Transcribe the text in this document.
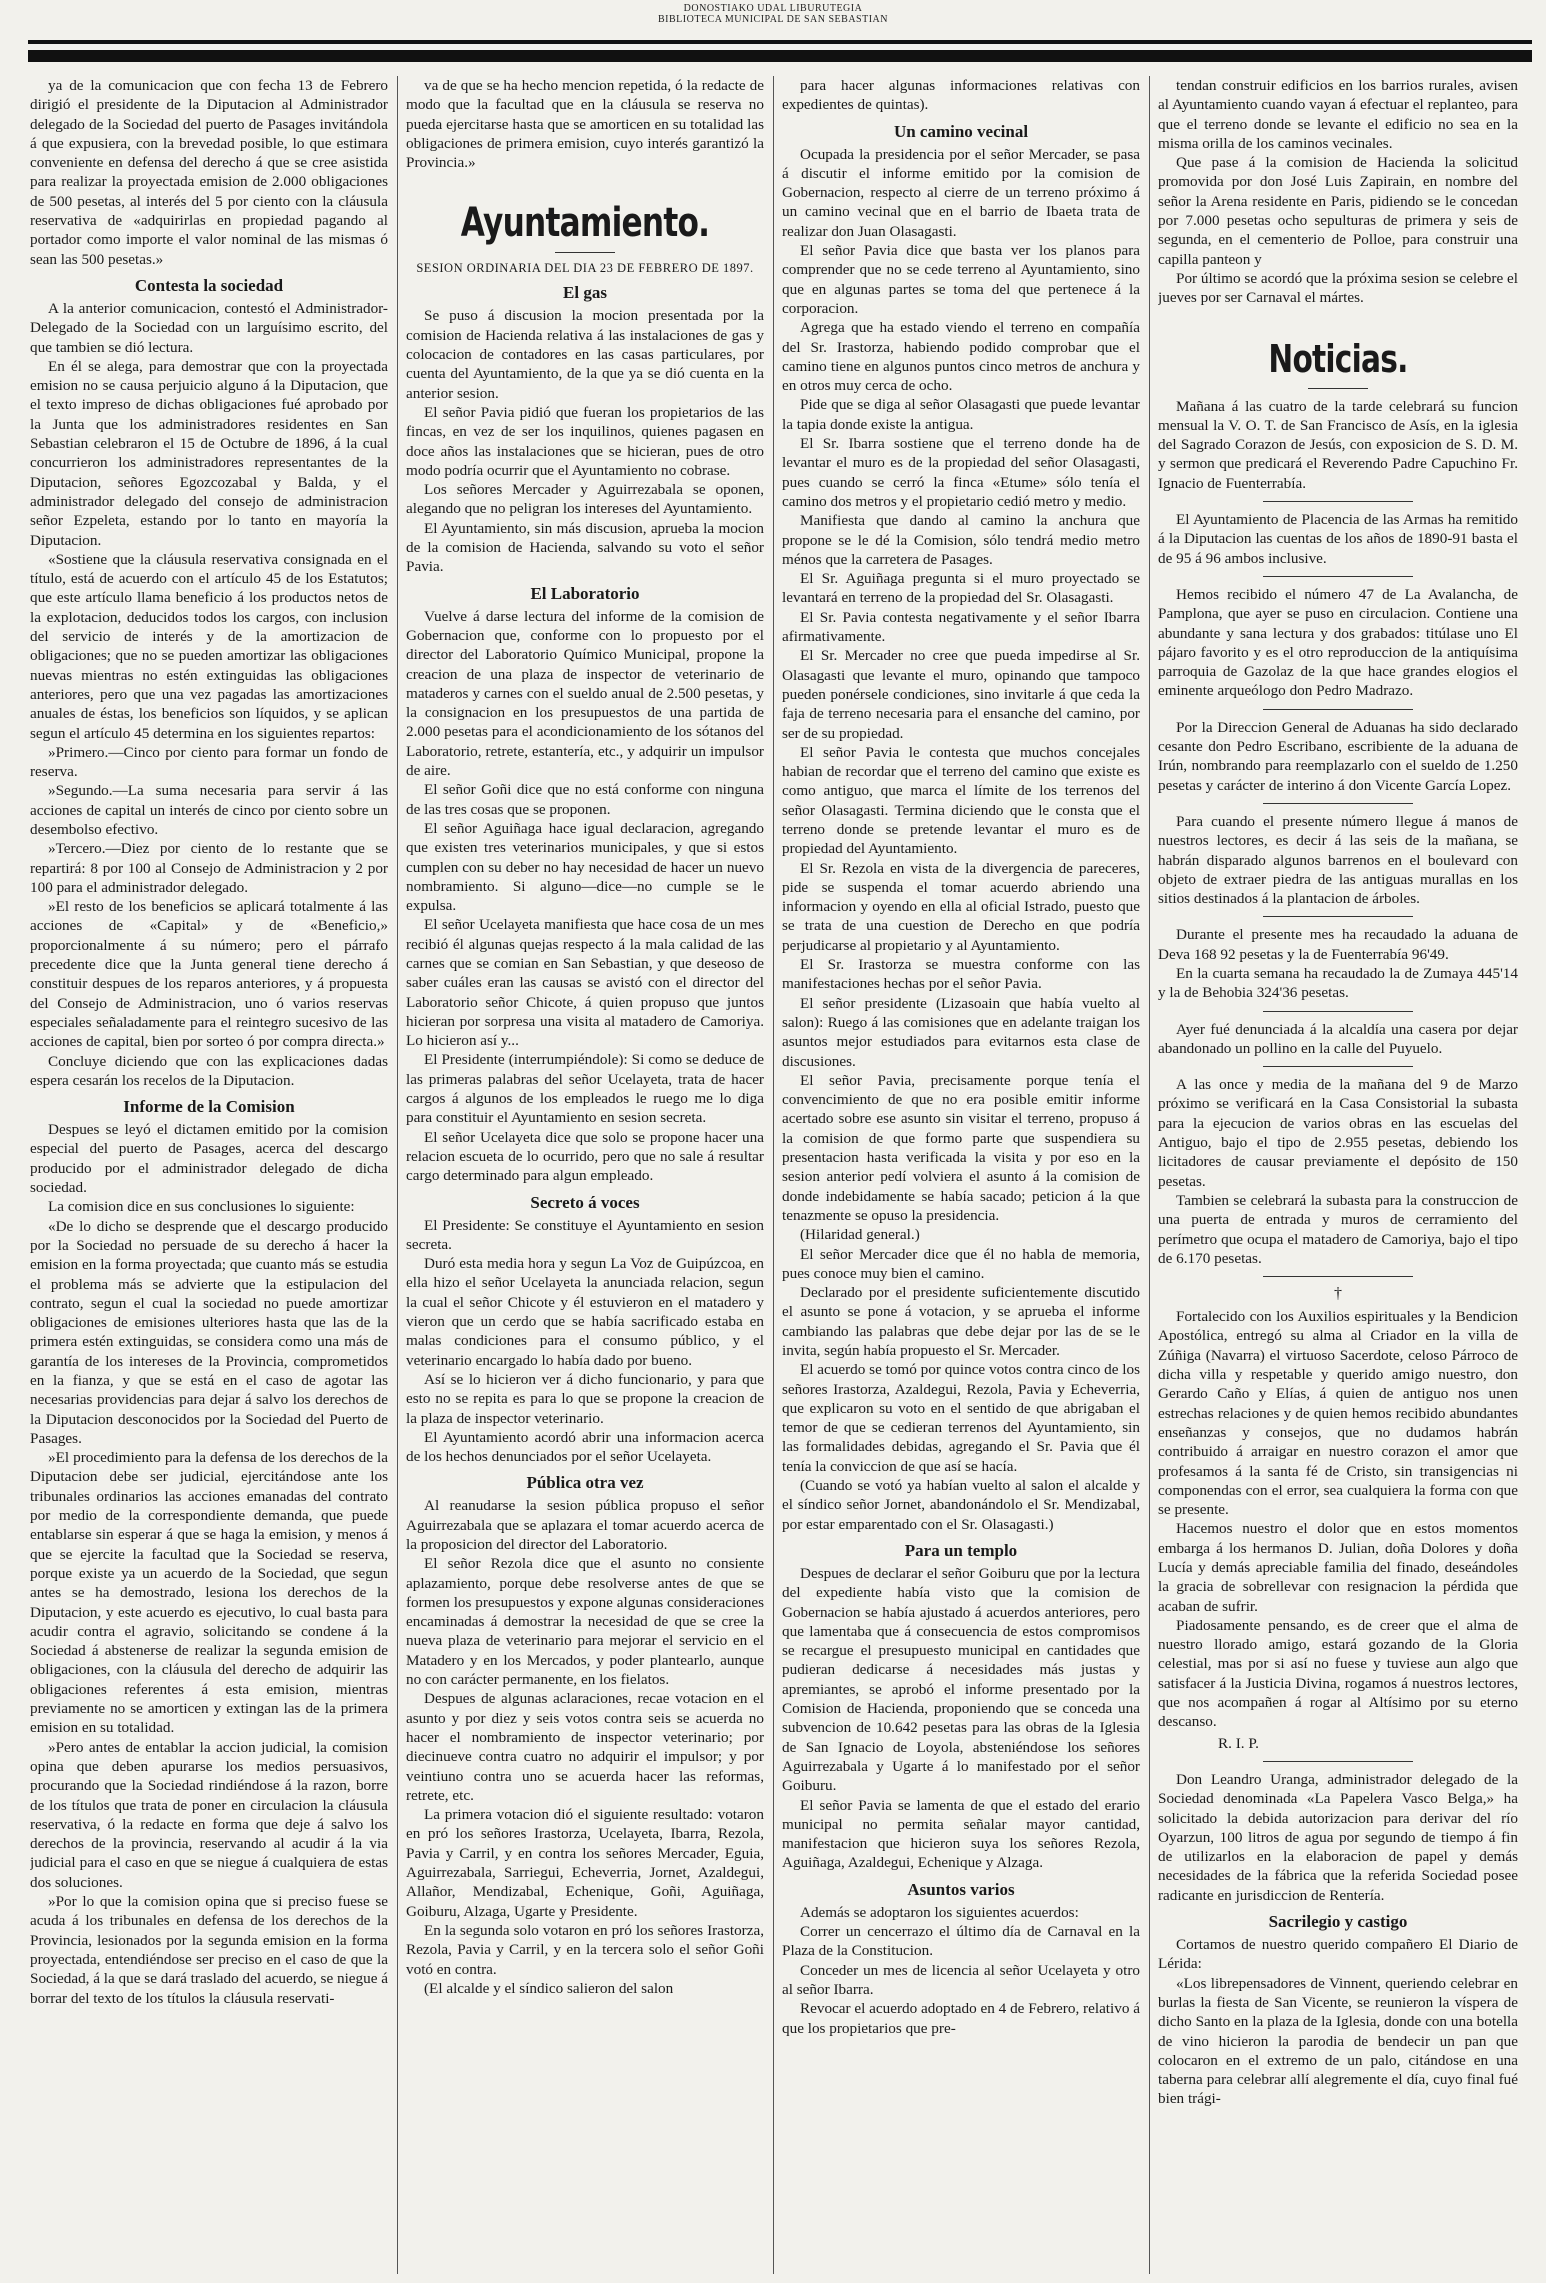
DONOSTIAKO UDAL LIBURUTEGIA
BIBLIOTECA MUNICIPAL DE SAN SEBASTIAN

ya de la comunicacion que con fecha 13 de Febrero dirigió el presidente de la Diputacion al Administrador delegado de la Sociedad del puerto de Pasages invitándola á que expusiera, con la brevedad posible, lo que estimara conveniente en defensa del derecho á que se cree asistida para realizar la proyectada emision de 2.000 obligaciones de 500 pesetas, al interés del 5 por ciento con la cláusula reservativa de «adquirirlas en propiedad pagando al portador como importe el valor nominal de las mismas ó sean las 500 pesetas.»

Contesta la sociedad

A la anterior comunicacion, contestó el Administrador-Delegado de la Sociedad con un larguísimo escrito, del que tambien se dió lectura.

En él se alega, para demostrar que con la proyectada emision no se causa perjuicio alguno á la Diputacion, que el texto impreso de dichas obligaciones fué aprobado por la Junta que los administradores residentes en San Sebastian celebraron el 15 de Octubre de 1896, á la cual concurrieron los administradores representantes de la Diputacion, señores Egozcozabal y Balda, y el administrador delegado del consejo de administracion señor Ezpeleta, estando por lo tanto en mayoría la Diputacion.

«Sostiene que la cláusula reservativa consignada en el título, está de acuerdo con el artículo 45 de los Estatutos; que este artículo llama beneficio á los productos netos de la explotacion, deducidos todos los cargos, con inclusion del servicio de interés y de la amortizacion de obligaciones; que no se pueden amortizar las obligaciones nuevas mientras no estén extinguidas las obligaciones anteriores, pero que una vez pagadas las amortizaciones anuales de éstas, los beneficios son líquidos, y se aplican segun el artículo 45 determina en los siguientes repartos:

»Primero.—Cinco por ciento para formar un fondo de reserva.

»Segundo.—La suma necesaria para servir á las acciones de capital un interés de cinco por ciento sobre un desembolso efectivo.

»Tercero.—Diez por ciento de lo restante que se repartirá: 8 por 100 al Consejo de Administracion y 2 por 100 para el administrador delegado.

»El resto de los beneficios se aplicará totalmente á las acciones de «Capital» y de «Beneficio,» proporcionalmente á su número; pero el párrafo precedente dice que la Junta general tiene derecho á constituir despues de los reparos anteriores, y á propuesta del Consejo de Administracion, uno ó varios reservas especiales señaladamente para el reintegro sucesivo de las acciones de capital, bien por sorteo ó por compra directa.»

Concluye diciendo que con las explicaciones dadas espera cesarán los recelos de la Diputacion.

Informe de la Comision

Despues se leyó el dictamen emitido por la comision especial del puerto de Pasages, acerca del descargo producido por el administrador delegado de dicha sociedad.

La comision dice en sus conclusiones lo siguiente:

«De lo dicho se desprende que el descargo producido por la Sociedad no persuade de su derecho á hacer la emision en la forma proyectada; que cuanto más se estudia el problema más se advierte que la estipulacion del contrato, segun el cual la sociedad no puede amortizar obligaciones de emisiones ulteriores hasta que las de la primera estén extinguidas, se considera como una más de garantía de los intereses de la Provincia, comprometidos en la fianza, y que se está en el caso de agotar las necesarias providencias para dejar á salvo los derechos de la Diputacion desconocidos por la Sociedad del Puerto de Pasages.

»El procedimiento para la defensa de los derechos de la Diputacion debe ser judicial, ejercitándose ante los tribunales ordinarios las acciones emanadas del contrato por medio de la correspondiente demanda, que puede entablarse sin esperar á que se haga la emision, y menos á que se ejercite la facultad que la Sociedad se reserva, porque existe ya un acuerdo de la Sociedad, que segun antes se ha demostrado, lesiona los derechos de la Diputacion, y este acuerdo es ejecutivo, lo cual basta para acudir contra el agravio, solicitando se condene á la Sociedad á abstenerse de realizar la segunda emision de obligaciones, con la cláusula del derecho de adquirir las obligaciones referentes á esta emision, mientras previamente no se amorticen y extingan las de la primera emision en su totalidad.

»Pero antes de entablar la accion judicial, la comision opina que deben apurarse los medios persuasivos, procurando que la Sociedad rindiéndose á la razon, borre de los títulos que trata de poner en circulacion la cláusula reservativa, ó la redacte en forma que deje á salvo los derechos de la provincia, reservando al acudir á la via judicial para el caso en que se niegue á cualquiera de estas dos soluciones.

»Por lo que la comision opina que si preciso fuese se acuda á los tribunales en defensa de los derechos de la Provincia, lesionados por la segunda emision en la forma proyectada, entendiéndose ser preciso en el caso de que la Sociedad, á la que se dará traslado del acuerdo, se niegue á borrar del texto de los títulos la cláusula reservati-

va de que se ha hecho mencion repetida, ó la redacte de modo que la facultad que en la cláusula se reserva no pueda ejercitarse hasta que se amorticen en su totalidad las obligaciones de primera emision, cuyo interés garantizó la Provincia.»

Ayuntamiento.
SESION ORDINARIA DEL DIA 23 DE FEBRERO DE 1897.
El gas

Se puso á discusion la mocion presentada por la comision de Hacienda relativa á las instalaciones de gas y colocacion de contadores en las casas particulares, por cuenta del Ayuntamiento, de la que ya se dió cuenta en la anterior sesion.

El señor Pavia pidió que fueran los propietarios de las fincas, en vez de ser los inquilinos, quienes pagasen en doce años las instalaciones que se hicieran, pues de otro modo podría ocurrir que el Ayuntamiento no cobrase.

Los señores Mercader y Aguirrezabala se oponen, alegando que no peligran los intereses del Ayuntamiento.

El Ayuntamiento, sin más discusion, aprueba la mocion de la comision de Hacienda, salvando su voto el señor Pavia.

El Laboratorio

Vuelve á darse lectura del informe de la comision de Gobernacion que, conforme con lo propuesto por el director del Laboratorio Químico Municipal, propone la creacion de una plaza de inspector de veterinario de mataderos y carnes con el sueldo anual de 2.500 pesetas, y la consignacion en los presupuestos de una partida de 2.000 pesetas para el acondicionamiento de los sótanos del Laboratorio, retrete, estantería, etc., y adquirir un impulsor de aire.

El señor Goñi dice que no está conforme con ninguna de las tres cosas que se proponen.

El señor Aguiñaga hace igual declaracion, agregando que existen tres veterinarios municipales, y que si estos cumplen con su deber no hay necesidad de hacer un nuevo nombramiento. Si alguno—dice—no cumple se le expulsa.

El señor Ucelayeta manifiesta que hace cosa de un mes recibió él algunas quejas respecto á la mala calidad de las carnes que se comian en San Sebastian, y que deseoso de saber cuáles eran las causas se avistó con el director del Laboratorio señor Chicote, á quien propuso que juntos hicieran por sorpresa una visita al matadero de Camoriya. Lo hicieron así y...

El Presidente (interrumpiéndole): Si como se deduce de las primeras palabras del señor Ucelayeta, trata de hacer cargos á algunos de los empleados le ruego me lo diga para constituir el Ayuntamiento en sesion secreta.

El señor Ucelayeta dice que solo se propone hacer una relacion escueta de lo ocurrido, pero que no sale á resultar cargo determinado para algun empleado.

Secreto á voces

El Presidente: Se constituye el Ayuntamiento en sesion secreta.

Duró esta media hora y segun La Voz de Guipúzcoa, en ella hizo el señor Ucelayeta la anunciada relacion, segun la cual el señor Chicote y él estuvieron en el matadero y vieron que un cerdo que se había sacrificado estaba en malas condiciones para el consumo público, y el veterinario encargado lo había dado por bueno.

Así se lo hicieron ver á dicho funcionario, y para que esto no se repita es para lo que se propone la creacion de la plaza de inspector veterinario.

El Ayuntamiento acordó abrir una informacion acerca de los hechos denunciados por el señor Ucelayeta.

Pública otra vez

Al reanudarse la sesion pública propuso el señor Aguirrezabala que se aplazara el tomar acuerdo acerca de la proposicion del director del Laboratorio.

El señor Rezola dice que el asunto no consiente aplazamiento, porque debe resolverse antes de que se formen los presupuestos y expone algunas consideraciones encaminadas á demostrar la necesidad de que se cree la nueva plaza de veterinario para mejorar el servicio en el Matadero y en los Mercados, y poder plantearlo, aunque no con carácter permanente, en los fielatos.

Despues de algunas aclaraciones, recae votacion en el asunto y por diez y seis votos contra seis se acuerda no hacer el nombramiento de inspector veterinario; por diecinueve contra cuatro no adquirir el impulsor; y por veintiuno contra uno se acuerda hacer las reformas, retrete, etc.

La primera votacion dió el siguiente resultado: votaron en pró los señores Irastorza, Ucelayeta, Ibarra, Rezola, Pavia y Carril, y en contra los señores Mercader, Eguia, Aguirrezabala, Sarriegui, Echeverria, Jornet, Azaldegui, Allañor, Mendizabal, Echenique, Goñi, Aguiñaga, Goiburu, Alzaga, Ugarte y Presidente.

En la segunda solo votaron en pró los señores Irastorza, Rezola, Pavia y Carril, y en la tercera solo el señor Goñi votó en contra.

(El alcalde y el síndico salieron del salon

para hacer algunas informaciones relativas con expedientes de quintas).

Un camino vecinal

Ocupada la presidencia por el señor Mercader, se pasa á discutir el informe emitido por la comision de Gobernacion, respecto al cierre de un terreno próximo á un camino vecinal que en el barrio de Ibaeta trata de realizar don Juan Olasagasti.

El señor Pavia dice que basta ver los planos para comprender que no se cede terreno al Ayuntamiento, sino que en algunas partes se toma del que pertenece á la corporacion.

Agrega que ha estado viendo el terreno en compañía del Sr. Irastorza, habiendo podido comprobar que el camino tiene en algunos puntos cinco metros de anchura y en otros muy cerca de ocho.

Pide que se diga al señor Olasagasti que puede levantar la tapia donde existe la antigua.

El Sr. Ibarra sostiene que el terreno donde ha de levantar el muro es de la propiedad del señor Olasagasti, pues cuando se cerró la finca «Etume» sólo tenía el camino dos metros y el propietario cedió metro y medio.

Manifiesta que dando al camino la anchura que propone se le dé la Comision, sólo tendrá medio metro ménos que la carretera de Pasages.

El Sr. Aguiñaga pregunta si el muro proyectado se levantará en terreno de la propiedad del Sr. Olasagasti.

El Sr. Pavia contesta negativamente y el señor Ibarra afirmativamente.

El Sr. Mercader no cree que pueda impedirse al Sr. Olasagasti que levante el muro, opinando que tampoco pueden ponérsele condiciones, sino invitarle á que ceda la faja de terreno necesaria para el ensanche del camino, por ser de su propiedad.

El señor Pavia le contesta que muchos concejales habian de recordar que el terreno del camino que existe es como antiguo, que marca el límite de los terrenos del señor Olasagasti. Termina diciendo que le consta que el terreno donde se pretende levantar el muro es de propiedad del Ayuntamiento.

El Sr. Rezola en vista de la divergencia de pareceres, pide se suspenda el tomar acuerdo abriendo una informacion y oyendo en ella al oficial Istrado, puesto que se trata de una cuestion de Derecho en que podría perjudicarse al propietario y al Ayuntamiento.

El Sr. Irastorza se muestra conforme con las manifestaciones hechas por el señor Pavia.

El señor presidente (Lizasoain que había vuelto al salon): Ruego á las comisiones que en adelante traigan los asuntos mejor estudiados para evitarnos esta clase de discusiones.

El señor Pavia, precisamente porque tenía el convencimiento de que no era posible emitir informe acertado sobre ese asunto sin visitar el terreno, propuso á la comision de que formo parte que suspendiera su presentacion hasta verificada la visita y por eso en la sesion anterior pedí volviera el asunto á la comision de donde indebidamente se había sacado; peticion á la que tenazmente se opuso la presidencia.

(Hilaridad general.)

El señor Mercader dice que él no habla de memoria, pues conoce muy bien el camino.

Declarado por el presidente suficientemente discutido el asunto se pone á votacion, y se aprueba el informe cambiando las palabras que debe dejar por las de se le invita, según había propuesto el Sr. Mercader.

El acuerdo se tomó por quince votos contra cinco de los señores Irastorza, Azaldegui, Rezola, Pavia y Echeverria, que explicaron su voto en el sentido de que abrigaban el temor de que se cedieran terrenos del Ayuntamiento, sin las formalidades debidas, agregando el Sr. Pavia que él tenía la conviccion de que así se hacía.

(Cuando se votó ya habían vuelto al salon el alcalde y el síndico señor Jornet, abandonándolo el Sr. Mendizabal, por estar emparentado con el Sr. Olasagasti.)

Para un templo

Despues de declarar el señor Goiburu que por la lectura del expediente había visto que la comision de Gobernacion se había ajustado á acuerdos anteriores, pero que lamentaba que á consecuencia de estos compromisos se recargue el presupuesto municipal en cantidades que pudieran dedicarse á necesidades más justas y apremiantes, se aprobó el informe presentado por la Comision de Hacienda, proponiendo que se conceda una subvencion de 10.642 pesetas para las obras de la Iglesia de San Ignacio de Loyola, absteniéndose los señores Aguirrezabala y Ugarte á lo manifestado por el señor Goiburu.

El señor Pavia se lamenta de que el estado del erario municipal no permita señalar mayor cantidad, manifestacion que hicieron suya los señores Rezola, Aguiñaga, Azaldegui, Echenique y Alzaga.

Asuntos varios

Además se adoptaron los siguientes acuerdos:

Correr un cencerrazo el último día de Carnaval en la Plaza de la Constitucion.

Conceder un mes de licencia al señor Ucelayeta y otro al señor Ibarra.

Revocar el acuerdo adoptado en 4 de Febrero, relativo á que los propietarios que pre-

tendan construir edificios en los barrios rurales, avisen al Ayuntamiento cuando vayan á efectuar el replanteo, para que el terreno donde se levante el edificio no sea en la misma orilla de los caminos vecinales.

Que pase á la comision de Hacienda la solicitud promovida por don José Luis Zapirain, en nombre del señor la Arena residente en Paris, pidiendo se le concedan por 7.000 pesetas ocho sepulturas de primera y seis de segunda, en el cementerio de Polloe, para construir una capilla panteon y

Por último se acordó que la próxima sesion se celebre el jueves por ser Carnaval el mártes.

Noticias.

Mañana á las cuatro de la tarde celebrará su funcion mensual la V. O. T. de San Francisco de Asís, en la iglesia del Sagrado Corazon de Jesús, con exposicion de S. D. M. y sermon que predicará el Reverendo Padre Capuchino Fr. Ignacio de Fuenterrabía.

El Ayuntamiento de Placencia de las Armas ha remitido á la Diputacion las cuentas de los años de 1890-91 basta el de 95 á 96 ambos inclusive.

Hemos recibido el número 47 de La Avalancha, de Pamplona, que ayer se puso en circulacion. Contiene una abundante y sana lectura y dos grabados: titúlase uno El pájaro favorito y es el otro reproduccion de la antiquísima parroquia de Gazolaz de la que hace grandes elogios el eminente arqueólogo don Pedro Madrazo.

Por la Direccion General de Aduanas ha sido declarado cesante don Pedro Escribano, escribiente de la aduana de Irún, nombrando para reemplazarlo con el sueldo de 1.250 pesetas y carácter de interino á don Vicente García Lopez.

Para cuando el presente número llegue á manos de nuestros lectores, es decir á las seis de la mañana, se habrán disparado algunos barrenos en el boulevard con objeto de extraer piedra de las antiguas murallas en los sitios destinados á la plantacion de árboles.

Durante el presente mes ha recaudado la aduana de Deva 168 92 pesetas y la de Fuenterrabía 96'49.

En la cuarta semana ha recaudado la de Zumaya 445'14 y la de Behobia 324'36 pesetas.

Ayer fué denunciada á la alcaldía una casera por dejar abandonado un pollino en la calle del Puyuelo.

A las once y media de la mañana del 9 de Marzo próximo se verificará en la Casa Consistorial la subasta para la ejecucion de varios obras en las escuelas del Antiguo, bajo el tipo de 2.955 pesetas, debiendo los licitadores de causar previamente el depósito de 150 pesetas.

Tambien se celebrará la subasta para la construccion de una puerta de entrada y muros de cerramiento del perímetro que ocupa el matadero de Camoriya, bajo el tipo de 6.170 pesetas.

†

Fortalecido con los Auxilios espirituales y la Bendicion Apostólica, entregó su alma al Criador en la villa de Zúñiga (Navarra) el virtuoso Sacerdote, celoso Párroco de dicha villa y respetable y querido amigo nuestro, don Gerardo Caño y Elías, á quien de antiguo nos unen estrechas relaciones y de quien hemos recibido abundantes enseñanzas y consejos, que no dudamos habrán contribuido á arraigar en nuestro corazon el amor que profesamos á la santa fé de Cristo, sin transigencias ni componendas con el error, sea cualquiera la forma con que se presente.

Hacemos nuestro el dolor que en estos momentos embarga á los hermanos D. Julian, doña Dolores y doña Lucía y demás apreciable familia del finado, deseándoles la gracia de sobrellevar con resignacion la pérdida que acaban de sufrir.

Piadosamente pensando, es de creer que el alma de nuestro llorado amigo, estará gozando de la Gloria celestial, mas por si así no fuese y tuviese aun algo que satisfacer á la Justicia Divina, rogamos á nuestros lectores, que nos acompañen á rogar al Altísimo por su eterno descanso.

R. I. P.

Don Leandro Uranga, administrador delegado de la Sociedad denominada «La Papelera Vasco Belga,» ha solicitado la debida autorizacion para derivar del río Oyarzun, 100 litros de agua por segundo de tiempo á fin de utilizarlos en la elaboracion de papel y demás necesidades de la fábrica que la referida Sociedad posee radicante en jurisdiccion de Rentería.

Sacrilegio y castigo

Cortamos de nuestro querido compañero El Diario de Lérida:

«Los librepensadores de Vinnent, queriendo celebrar en burlas la fiesta de San Vicente, se reunieron la víspera de dicho Santo en la plaza de la Iglesia, donde con una botella de vino hicieron la parodia de bendecir un pan que colocaron en el extremo de un palo, citándose en una taberna para celebrar allí alegremente el día, cuyo final fué bien trági-
